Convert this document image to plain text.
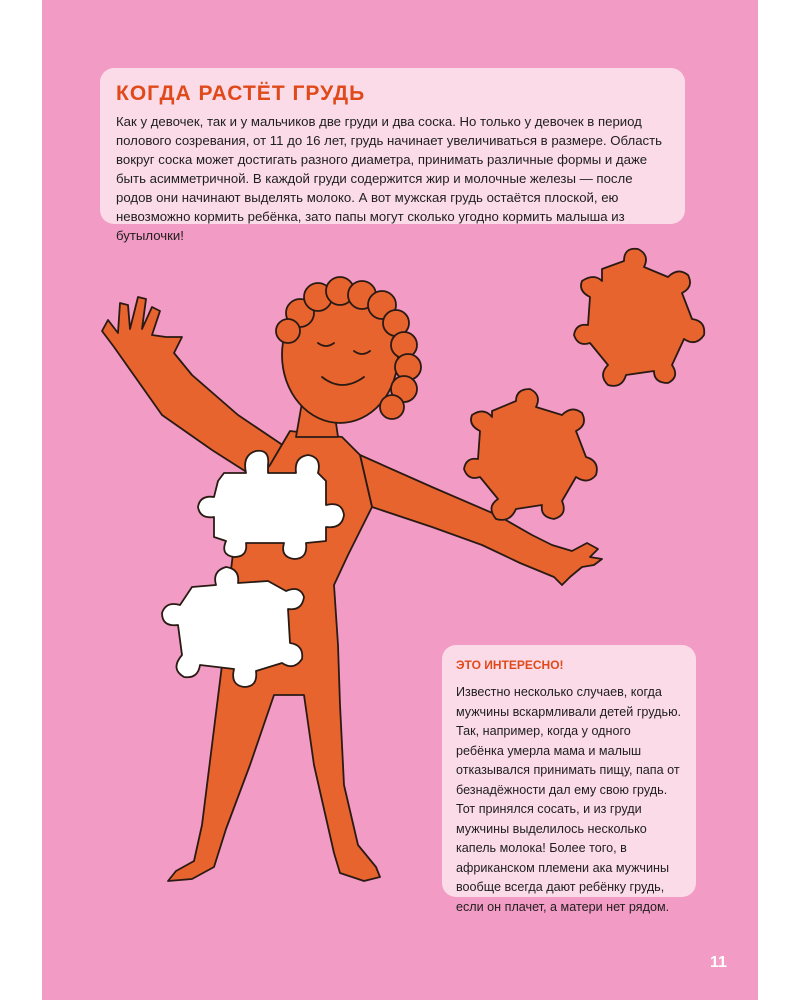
КОГДА РАСТЁТ ГРУДЬ
Как у девочек, так и у мальчиков две груди и два соска. Но только у девочек в период полового созревания, от 11 до 16 лет, грудь начинает увеличиваться в размере. Область вокруг соска может достигать разного диаметра, принимать различные формы и даже быть асимметричной. В каждой груди содержится жир и молочные железы — после родов они начинают выделять молоко. А вот мужская грудь остаётся плоской, ею невозможно кормить ребёнка, зато папы могут сколько угодно кормить малыша из бутылочки!
ЭТО ИНТЕРЕСНО!
Известно несколько случаев, когда мужчины вскармливали детей грудью. Так, например, когда у одного ребёнка умерла мама и малыш отказывался принимать пищу, папа от безнадёжности дал ему свою грудь. Тот принялся сосать, и из груди мужчины выделилось несколько капель молока! Более того, в африканском племени ака мужчины вообще всегда дают ребёнку грудь, если он плачет, а матери нет рядом.
11
